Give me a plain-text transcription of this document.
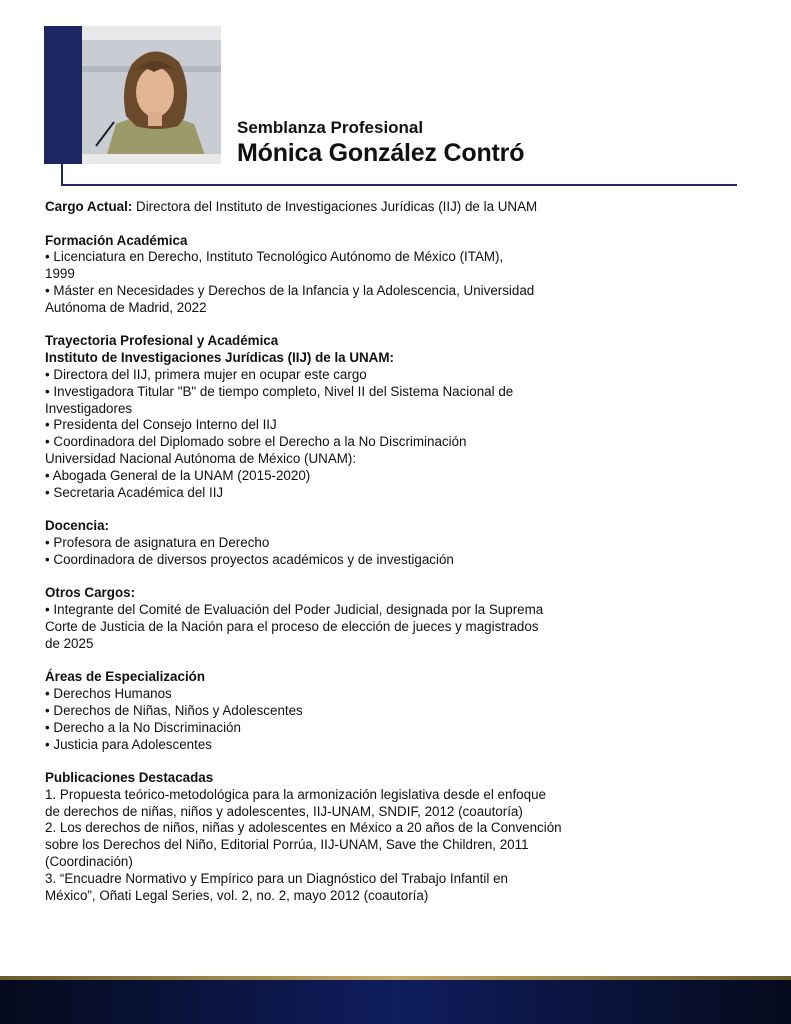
Semblanza Profesional
Mónica González Contró

Cargo Actual: Directora del Instituto de Investigaciones Jurídicas (IIJ) de la UNAM

Formación Académica

• Licenciatura en Derecho, Instituto Tecnológico Autónomo de México (ITAM),

1999

• Máster en Necesidades y Derechos de la Infancia y la Adolescencia, Universidad

Autónoma de Madrid, 2022

Trayectoria Profesional y Académica

Instituto de Investigaciones Jurídicas (IIJ) de la UNAM:

• Directora del IIJ, primera mujer en ocupar este cargo

• Investigadora Titular "B" de tiempo completo, Nivel II del Sistema Nacional de

Investigadores

• Presidenta del Consejo Interno del IIJ

• Coordinadora del Diplomado sobre el Derecho a la No Discriminación

Universidad Nacional Autónoma de México (UNAM):

• Abogada General de la UNAM (2015-2020)

• Secretaria Académica del IIJ

Docencia:

• Profesora de asignatura en Derecho

• Coordinadora de diversos proyectos académicos y de investigación

Otros Cargos:

• Integrante del Comité de Evaluación del Poder Judicial, designada por la Suprema

Corte de Justicia de la Nación para el proceso de elección de jueces y magistrados

de 2025

Áreas de Especialización

• Derechos Humanos

• Derechos de Niñas, Niños y Adolescentes

• Derecho a la No Discriminación

• Justicia para Adolescentes

Publicaciones Destacadas

1. Propuesta teórico-metodológica para la armonización legislativa desde el enfoque

de derechos de niñas, niños y adolescentes, IIJ-UNAM, SNDIF, 2012 (coautoría)

2. Los derechos de niños, niñas y adolescentes en México a 20 años de la Convención

sobre los Derechos del Niño, Editorial Porrúa, IIJ-UNAM, Save the Children, 2011

(Coordinación)

3. “Encuadre Normativo y Empírico para un Diagnóstico del Trabajo Infantil en

México”, Oñati Legal Series, vol. 2, no. 2, mayo 2012 (coautoría)
